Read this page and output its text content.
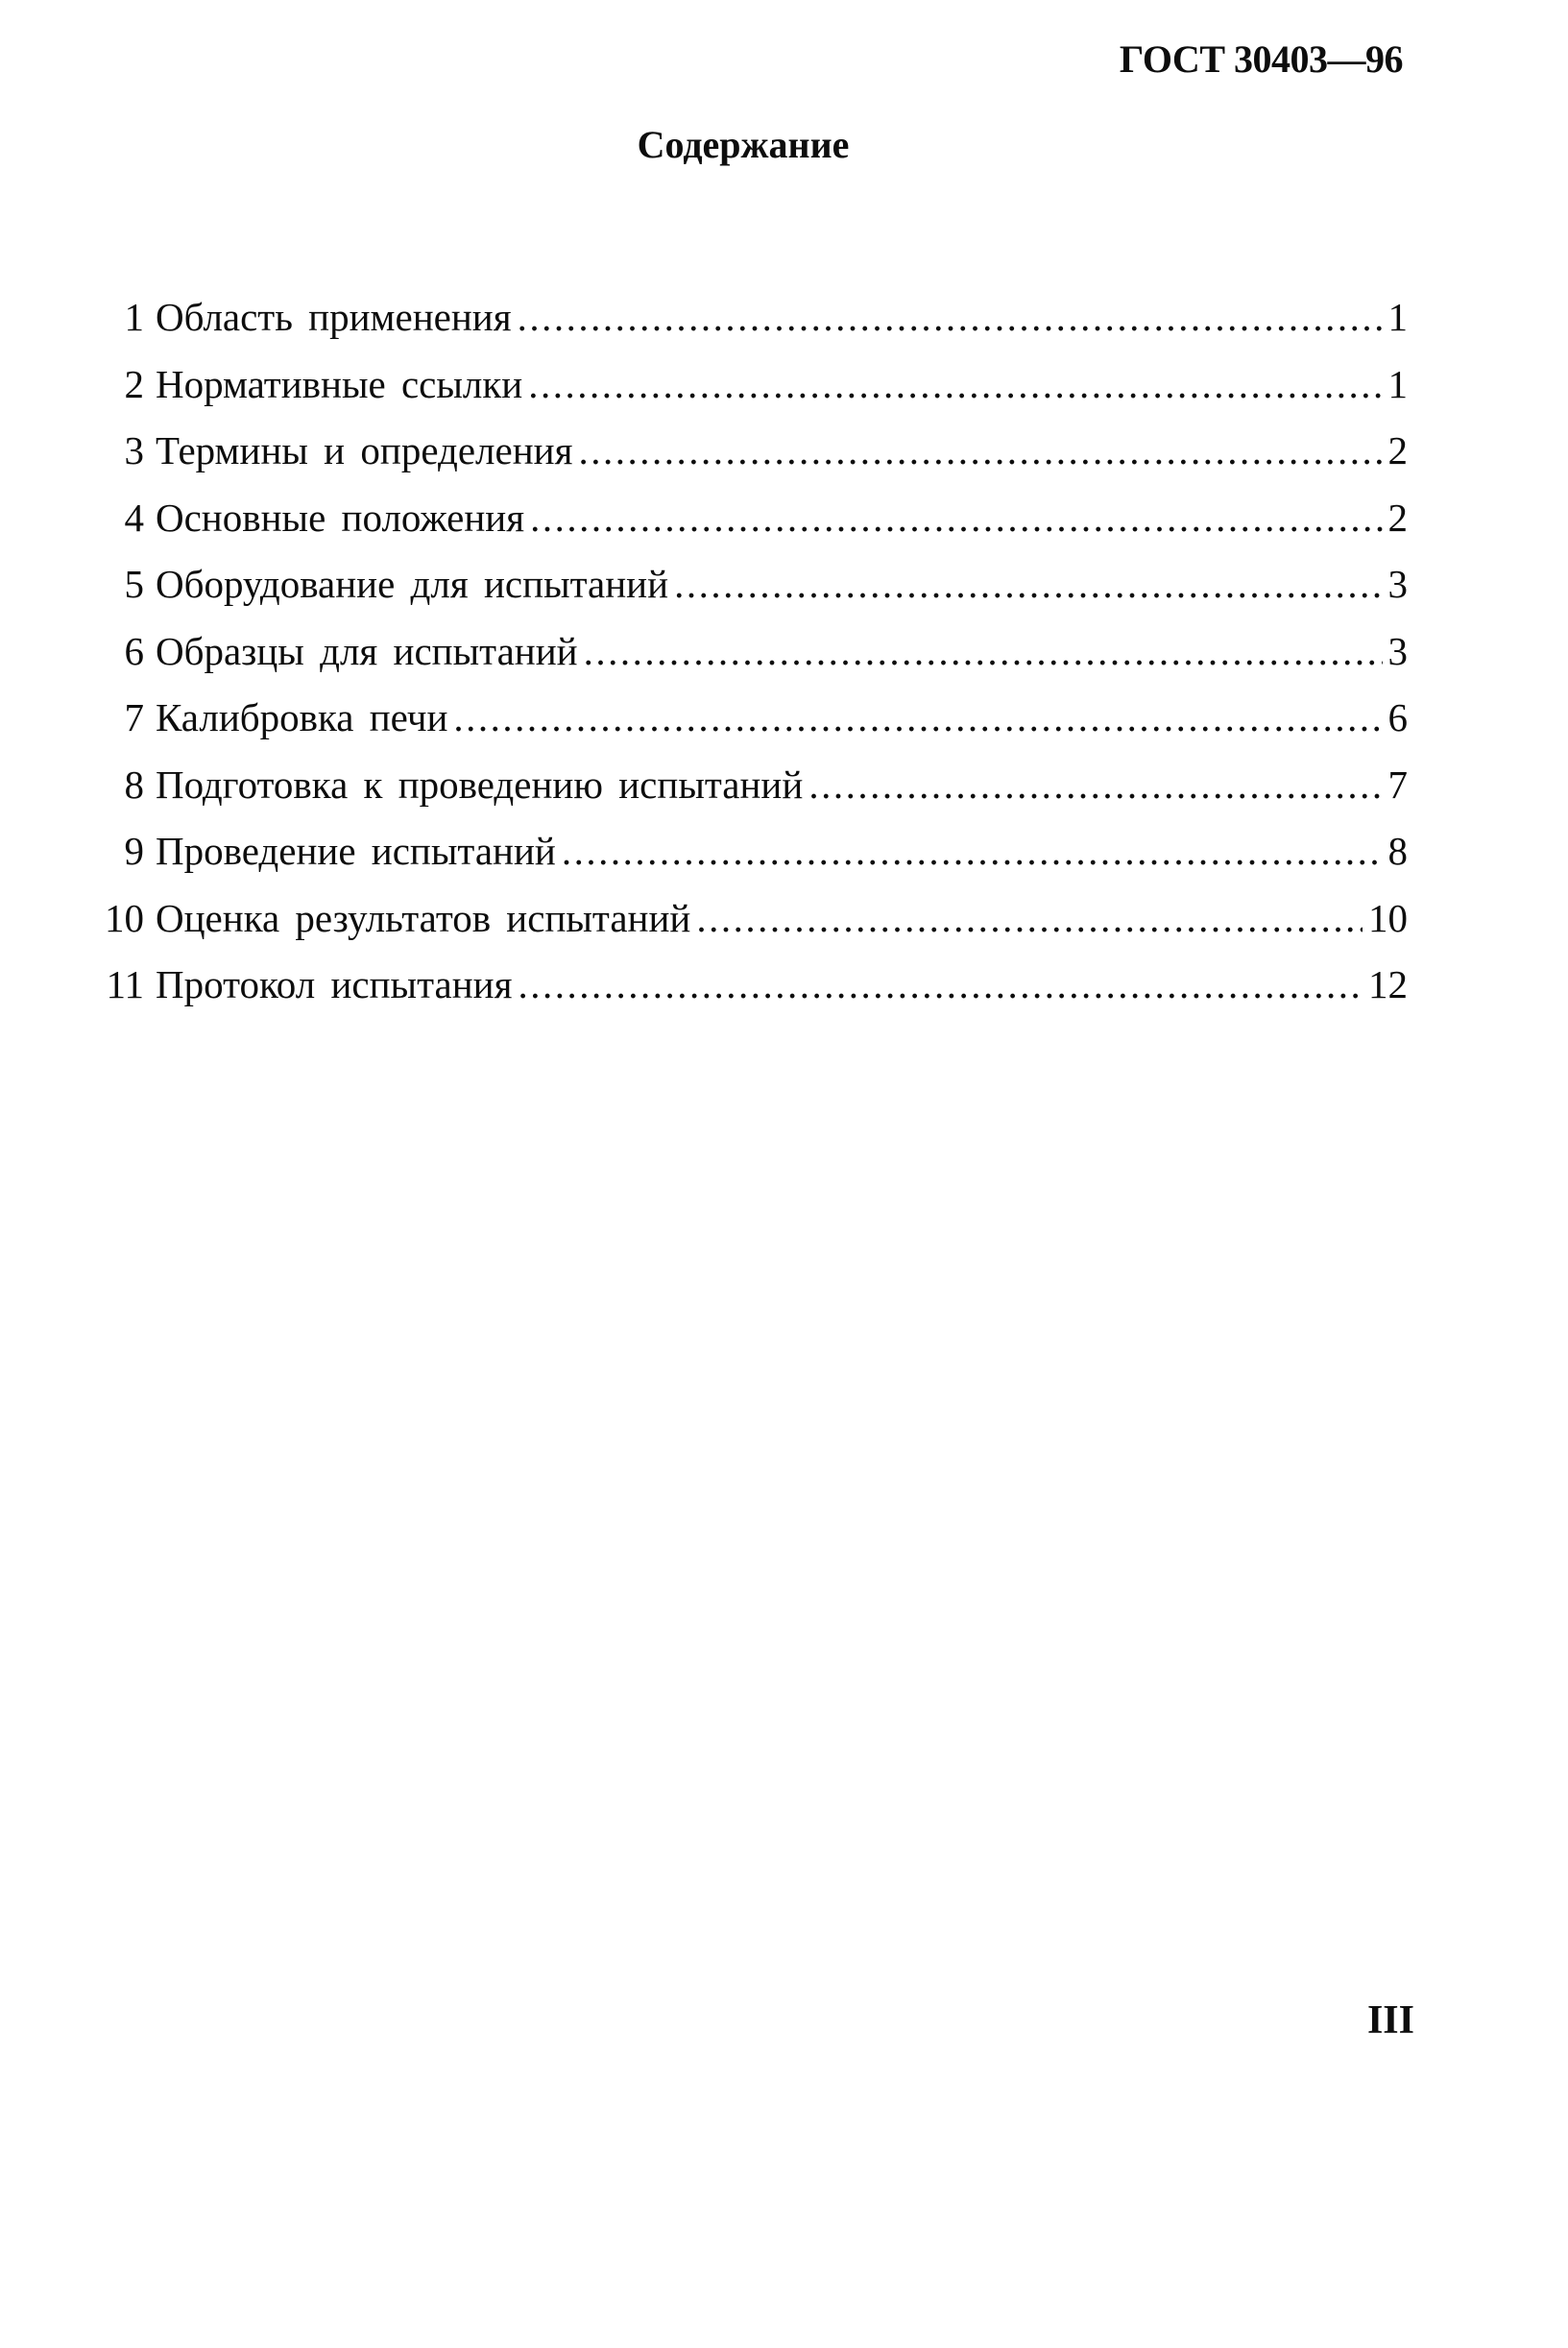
ГОСТ 30403—96
Содержание
1 Область применения .....	1
2 Нормативные ссылки .....	1
3 Термины и определения .....	2
4 Основные положения .....	2
5 Оборудование для испытаний .....	3
6 Образцы для испытаний .....	3
7 Калибровка печи .....	6
8 Подготовка к проведению испытаний .....	7
9 Проведение испытаний .....	8
10 Оценка результатов испытаний .....	10
11 Протокол испытания .....	12
III
